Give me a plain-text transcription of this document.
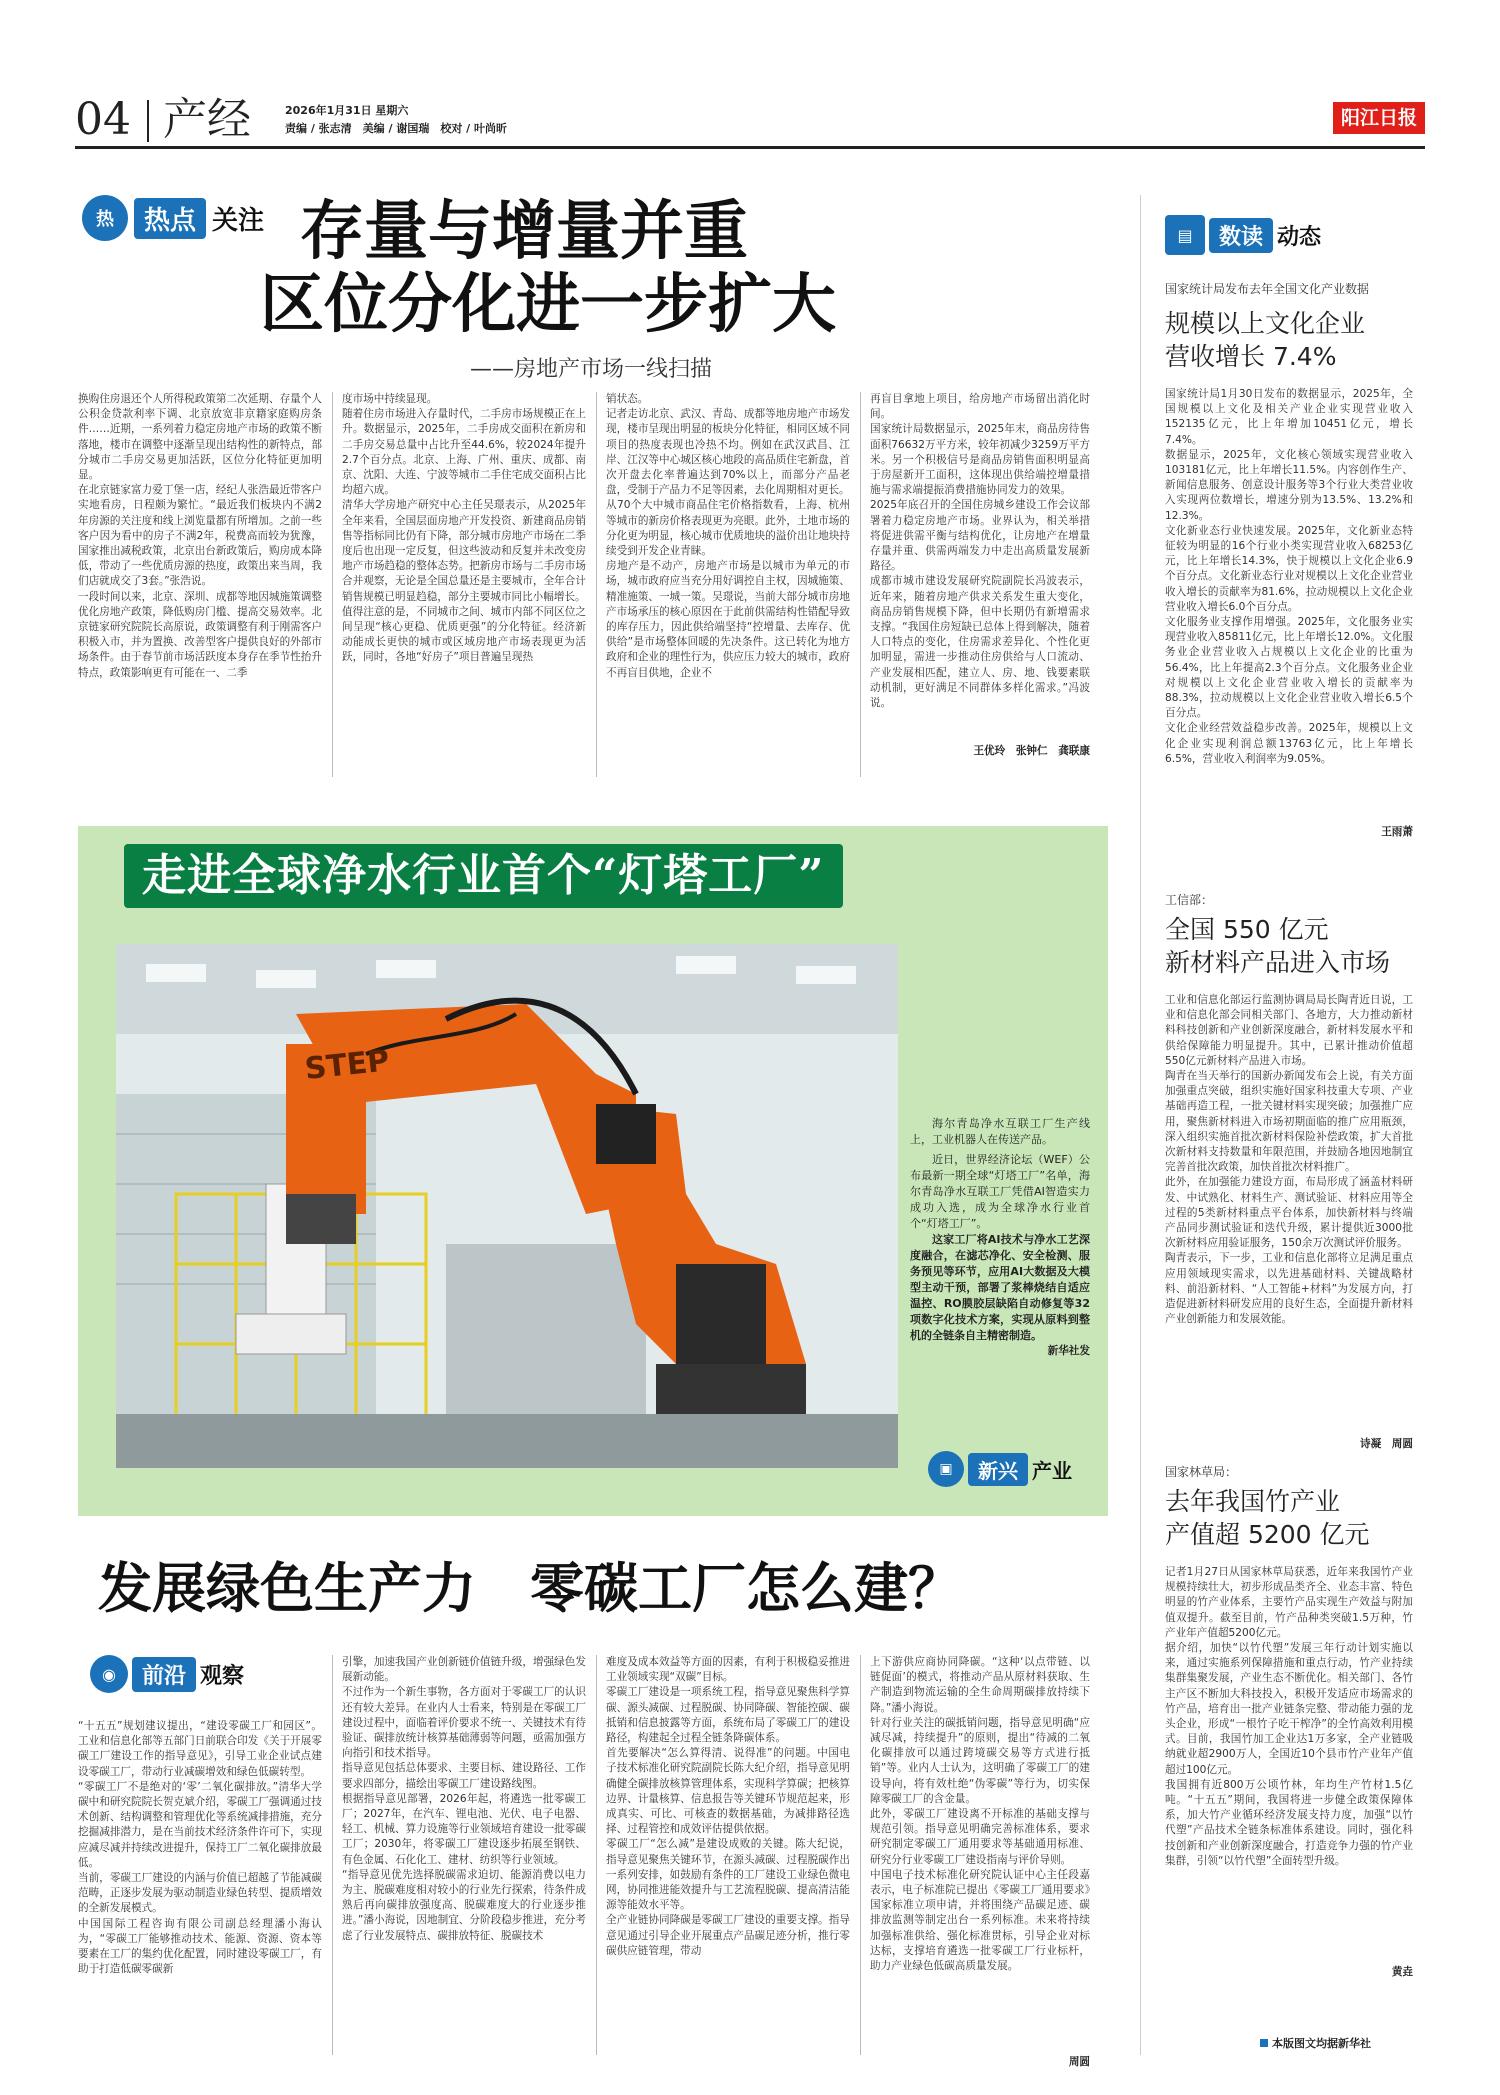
04 产经	2026年1月31日 星期六
责编 / 张志清　美编 / 谢国瑞　校对 / 叶尚昕	阳江日报
热	热点 关注 存量与增量并重
区位分化进一步扩大
——房地产市场一线扫描
换购住房退还个人所得税政策第二次延期、存量个人公积金贷款利率下调、北京放宽非京籍家庭购房条件……近期，一系列着力稳定房地产市场的政策不断落地，楼市在调整中逐渐呈现出结构性的新特点，部分城市二手房交易更加活跃，区位分化特征更加明显。
在北京链家富力爱丁堡一店，经纪人张浩最近带客户实地看房，日程颇为繁忙。“最近我们板块内不满2年房源的关注度和线上浏览量都有所增加。之前一些客户因为看中的房子不满2年，税费高而较为犹豫，国家推出减税政策，北京出台新政策后，购房成本降低，带动了一些优质房源的热度，政策出来当周，我们店就成交了3套。”张浩说。
一段时间以来，北京、深圳、成都等地因城施策调整优化房地产政策，降低购房门槛、提高交易效率。北京链家研究院院长高原说，政策调整有利于刚需客户积极入市，并为置换、改善型客户提供良好的外部市场条件。由于春节前市场活跃度本身存在季节性抬升特点，政策影响更有可能在一、二季
度市场中持续显现。
随着住房市场进入存量时代，二手房市场规模正在上升。数据显示，2025年，二手房成交面积在新房和二手房交易总量中占比升至44.6%，较2024年提升2.7个百分点。北京、上海、广州、重庆、成都、南京、沈阳、大连、宁波等城市二手住宅成交面积占比均超六成。
清华大学房地产研究中心主任吴璟表示，从2025年全年来看，全国层面房地产开发投资、新建商品房销售等指标同比仍有下降，部分城市房地产市场在二季度后也出现一定反复，但这些波动和反复并未改变房地产市场趋稳的整体态势。把新房市场与二手房市场合并观察，无论是全国总量还是主要城市，全年合计销售规模已明显趋稳，部分主要城市同比小幅增长。
值得注意的是，不同城市之间、城市内部不同区位之间呈现“核心更稳、优质更强”的分化特征。经济新动能成长更快的城市或区域房地产市场表现更为活跃，同时，各地“好房子”项目普遍呈现热
销状态。
记者走访北京、武汉、青岛、成都等地房地产市场发现，楼市呈现出明显的板块分化特征，相同区域不同项目的热度表现也冷热不均。例如在武汉武昌、江岸、江汉等中心城区核心地段的高品质住宅新盘，首次开盘去化率普遍达到70%以上，而部分产品老盘，受制于产品力不足等因素，去化周期相对更长。
从70个大中城市商品住宅价格指数看，上海、杭州等城市的新房价格表现更为亮眼。此外，土地市场的分化更为明显，核心城市优质地块的溢价出让地块持续受到开发企业青睐。
房地产是不动产，房地产市场是以城市为单元的市场，城市政府应当充分用好调控自主权，因城施策、精准施策、一城一策。吴璟说，当前大部分城市房地产市场承压的核心原因在于此前供需结构性错配导致的库存压力，因此供给端坚持“控增量、去库存、优供给”是市场整体回暖的先决条件。这已转化为地方政府和企业的理性行为，供应压力较大的城市，政府不再盲目供地，企业不
再盲目拿地上项目，给房地产市场留出消化时间。
国家统计局数据显示，2025年末，商品房待售面积76632万平方米，较年初减少3259万平方米。另一个积极信号是商品房销售面积明显高于房屋新开工面积，这体现出供给端控增量措施与需求端提振消费措施协同发力的效果。
2025年底召开的全国住房城乡建设工作会议部署着力稳定房地产市场。业界认为，相关举措将促进供需平衡与结构优化，让房地产在增量存量并重、供需两端发力中走出高质量发展新路径。
成都市城市建设发展研究院副院长冯波表示，近年来，随着房地产供求关系发生重大变化，商品房销售规模下降，但中长期仍有新增需求支撑。“我国住房短缺已总体上得到解决，随着人口特点的变化，住房需求差异化、个性化更加明显，需进一步推动住房供给与人口流动、产业发展相匹配，建立人、房、地、钱要素联动机制，更好满足不同群体多样化需求。”冯波说。
王优玲　张钟仁　龚联康
走进全球净水行业首个“灯塔工厂”
STEP

海尔青岛净水互联工厂生产线上，工业机器人在传送产品。

近日，世界经济论坛（WEF）公布最新一期全球“灯塔工厂”名单，海尔青岛净水互联工厂凭借AI智造实力成功入选，成为全球净水行业首个“灯塔工厂”。

这家工厂将AI技术与净水工艺深度融合，在滤芯净化、安全检测、服务预见等环节，应用AI大数据及大模型主动干预，部署了浆棒烧结自适应温控、RO膜胶层缺陷自动修复等32项数字化技术方案，实现从原料到整机的全链条自主精密制造。

新华社发
▣	新兴 产业
发展绿色生产力　零碳工厂怎么建？
◉	前沿 观察
“十五五”规划建议提出，“建设零碳工厂和园区”。工业和信息化部等五部门日前联合印发《关于开展零碳工厂建设工作的指导意见》，引导工业企业试点建设零碳工厂，带动行业减碳增效和绿色低碳转型。
“零碳工厂不是绝对的‘零’二氧化碳排放。”清华大学碳中和研究院院长贺克斌介绍，零碳工厂强调通过技术创新、结构调整和管理优化等系统减排措施，充分挖掘减排潜力，是在当前技术经济条件许可下，实现应减尽减并持续改进提升，保持工厂二氧化碳排放最低。
当前，零碳工厂建设的内涵与价值已超越了节能减碳范畴，正逐步发展为驱动制造业绿色转型、提质增效的全新发展模式。
中国国际工程咨询有限公司副总经理潘小海认为，“零碳工厂能够推动技术、能源、资源、资本等要素在工厂的集约优化配置，同时建设零碳工厂，有助于打造低碳零碳新
引擎，加速我国产业创新链价值链升级，增强绿色发展新动能。
不过作为一个新生事物，各方面对于零碳工厂的认识还有较大差异。在业内人士看来，特别是在零碳工厂建设过程中，面临着评价要求不统一、关键技术有待验证、碳排放统计核算基础薄弱等问题，亟需加强方向指引和技术指导。
指导意见包括总体要求、主要目标、建设路径、工作要求四部分，描绘出零碳工厂建设路线图。
根据指导意见部署，2026年起，将遴选一批零碳工厂；2027年，在汽车、锂电池、光伏、电子电器、轻工、机械、算力设施等行业领域培育建设一批零碳工厂；2030年，将零碳工厂建设逐步拓展至钢铁、有色金属、石化化工、建材、纺织等行业领域。
“指导意见优先选择脱碳需求迫切、能源消费以电力为主、脱碳难度相对较小的行业先行探索，待条件成熟后再向碳排放强度高、脱碳难度大的行业逐步推进。”潘小海说，因地制宜、分阶段稳步推进，充分考虑了行业发展特点、碳排放特征、脱碳技术
难度及成本效益等方面的因素，有利于积极稳妥推进工业领域实现“双碳”目标。
零碳工厂建设是一项系统工程，指导意见聚焦科学算碳、源头减碳、过程脱碳、协同降碳、智能控碳、碳抵销和信息披露等方面，系统布局了零碳工厂的建设路径，构建起全过程全链条降碳体系。
首先要解决“怎么算得清、说得准”的问题。中国电子技术标准化研究院副院长陈大纪介绍，指导意见明确健全碳排放核算管理体系，实现科学算碳；把核算边界、计量核算、信息报告等关键环节规范起来，形成真实、可比、可核查的数据基础，为减排路径选择、过程管控和成效评估提供依据。
零碳工厂“怎么减”是建设成败的关键。陈大纪说，指导意见聚焦关键环节，在源头减碳、过程脱碳作出一系列安排，如鼓励有条件的工厂建设工业绿色微电网，协同推进能效提升与工艺流程脱碳、提高清洁能源等能效水平等。
全产业链协同降碳是零碳工厂建设的重要支撑。指导意见通过引导企业开展重点产品碳足迹分析，推行零碳供应链管理，带动
上下游供应商协同降碳。“这种‘以点带链、以链促面’的模式，将推动产品从原材料获取、生产制造到物流运输的全生命周期碳排放持续下降。”潘小海说。
针对行业关注的碳抵销问题，指导意见明确“应减尽减，持续提升”的原则，提出“待减的二氧化碳排放可以通过跨境碳交易等方式进行抵销”等。业内人士认为，这明确了零碳工厂的建设导向，将有效杜绝“伪零碳”等行为，切实保障零碳工厂的含金量。
此外，零碳工厂建设离不开标准的基础支撑与规范引领。指导意见明确完善标准体系，要求研究制定零碳工厂通用要求等基础通用标准、研究分行业零碳工厂建设指南与评价导则。
中国电子技术标准化研究院认证中心主任段嘉表示，电子标准院已提出《零碳工厂通用要求》国家标准立项申请，并将围绕产品碳足迹、碳排放监测等制定出台一系列标准。未来将持续加强标准供给、强化标准贯标，引导企业对标达标，支撑培育遴选一批零碳工厂行业标杆，助力产业绿色低碳高质量发展。
周圆
▤	数读 动态
国家统计局发布去年全国文化产业数据
规模以上文化企业
营收增长 7.4%
国家统计局1月30日发布的数据显示，2025年，全国规模以上文化及相关产业企业实现营业收入152135亿元，比上年增加10451亿元，增长7.4%。
数据显示，2025年，文化核心领域实现营业收入103181亿元，比上年增长11.5%。内容创作生产、新闻信息服务、创意设计服务等3个行业大类营业收入实现两位数增长，增速分别为13.5%、13.2%和12.3%。
文化新业态行业快速发展。2025年，文化新业态特征较为明显的16个行业小类实现营业收入68253亿元，比上年增长14.3%，快于规模以上文化企业6.9个百分点。文化新业态行业对规模以上文化企业营业收入增长的贡献率为81.6%，拉动规模以上文化企业营业收入增长6.0个百分点。
文化服务业支撑作用增强。2025年，文化服务业实现营业收入85811亿元，比上年增长12.0%。文化服务业企业营业收入占规模以上文化企业的比重为56.4%，比上年提高2.3个百分点。文化服务业企业对规模以上文化企业营业收入增长的贡献率为88.3%，拉动规模以上文化企业营业收入增长6.5个百分点。
文化企业经营效益稳步改善。2025年，规模以上文化企业实现利润总额13763亿元，比上年增长6.5%，营业收入利润率为9.05%。
王雨萧
工信部：
全国 550 亿元
新材料产品进入市场
工业和信息化部运行监测协调局局长陶青近日说，工业和信息化部会同相关部门、各地方，大力推动新材料科技创新和产业创新深度融合，新材料发展水平和供给保障能力明显提升。其中，已累计推动价值超550亿元新材料产品进入市场。
陶青在当天举行的国新办新闻发布会上说，有关方面加强重点突破，组织实施好国家科技重大专项、产业基础再造工程，一批关键材料实现突破；加强推广应用，聚焦新材料进入市场初期面临的推广应用瓶颈，深入组织实施首批次新材料保险补偿政策，扩大首批次新材料支持数量和年限范围，并鼓励各地因地制宜完善首批次政策，加快首批次材料推广。
此外，在加强能力建设方面，布局形成了涵盖材料研发、中试熟化、材料生产、测试验证、材料应用等全过程的5类新材料重点平台体系，加快新材料与终端产品同步测试验证和迭代升级，累计提供近3000批次新材料应用验证服务，150余万次测试评价服务。
陶青表示，下一步，工业和信息化部将立足满足重点应用领域现实需求，以先进基础材料、关键战略材料、前沿新材料、“人工智能+材料”为发展方向，打造促进新材料研发应用的良好生态，全面提升新材料产业创新能力和发展效能。
诗凝　周圆
国家林草局：
去年我国竹产业
产值超 5200 亿元
记者1月27日从国家林草局获悉，近年来我国竹产业规模持续壮大，初步形成品类齐全、业态丰富、特色明显的竹产业体系，主要竹产品实现生产效益与附加值双提升。截至目前，竹产品种类突破1.5万种，竹产业年产值超5200亿元。
据介绍，加快“以竹代塑”发展三年行动计划实施以来，通过实施系列保障措施和重点行动，竹产业持续集群集聚发展，产业生态不断优化。相关部门、各竹主产区不断加大科技投入，积极开发适应市场需求的竹产品，培育出一批产业链条完整、带动能力强的龙头企业，形成“一根竹子吃干榨净”的全竹高效利用模式。目前，我国竹加工企业达1万多家，全产业链吸纳就业超2900万人，全国近10个县市竹产业年产值超过100亿元。
我国拥有近800万公顷竹林，年均生产竹材1.5亿吨。“十五五”期间，我国将进一步健全政策保障体系，加大竹产业循环经济发展支持力度，加强“以竹代塑”产品技术全链条标准体系建设。同时，强化科技创新和产业创新深度融合，打造竞争力强的竹产业集群，引领“以竹代塑”全面转型升级。
黄垚
本版图文均据新华社
